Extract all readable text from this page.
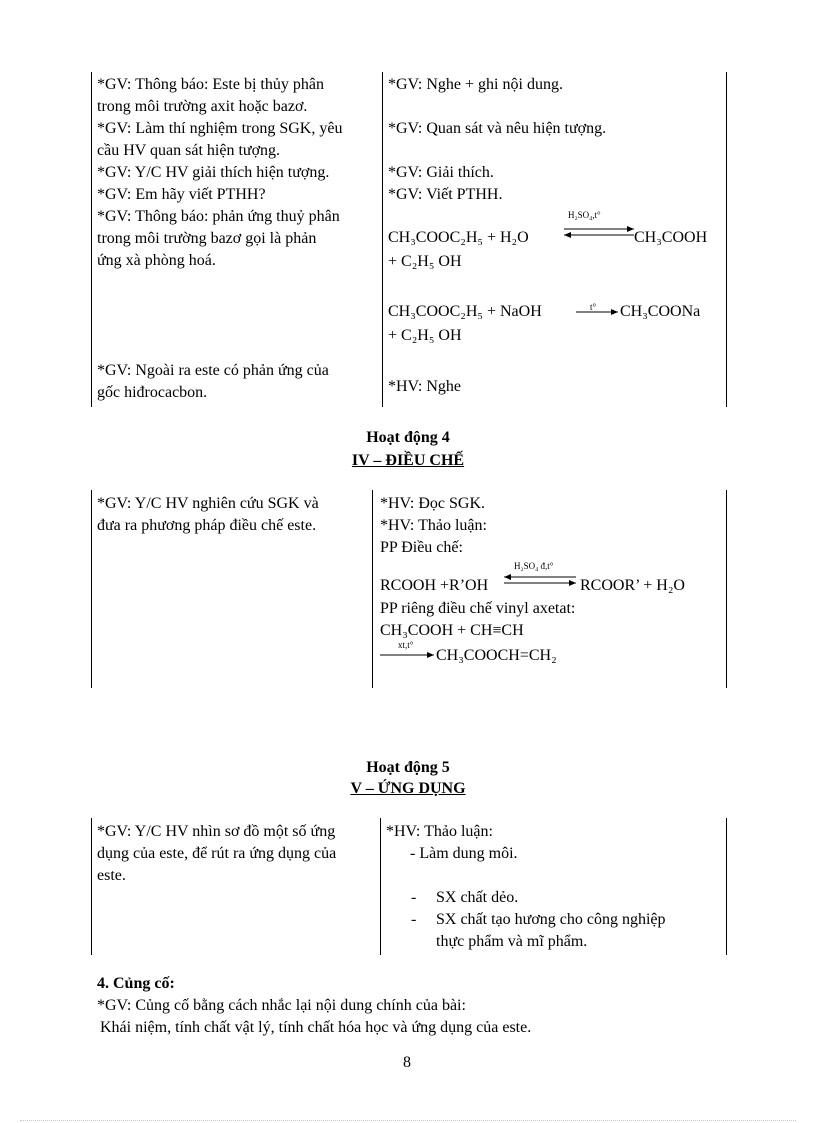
*GV: Thông báo: Este bị thủy phân
trong môi trường axit hoặc bazơ.
*GV: Làm thí nghiệm trong SGK, yêu
cầu HV quan sát hiện tượng.
*GV: Y/C HV giải thích hiện tượng.
*GV: Em hãy viết PTHH?
*GV: Thông báo: phản ứng thuỷ phân
trong môi trường bazơ gọi là phản
ứng xà phòng hoá.
*GV: Ngoài ra este có phản ứng của
gốc hiđrocacbon.
*GV: Nghe + ghi nội dung.
*GV: Quan sát và nêu hiện tượng.
*GV: Giải thích.
*GV: Viết PTHH.
CH₃COOC₂H₅ + H₂O
H₂SO₄,t°
CH₃COOH
+ C₂H₅ OH
CH₃COOC₂H₅ + NaOH	t° CH₃COONa
+ C₂H₅ OH
*HV: Nghe
Hoạt động 4
IV – ĐIỀU CHẾ
*GV: Y/C HV nghiên cứu SGK và
đưa ra phương pháp điều chế este.
*HV: Đọc SGK.
*HV: Thảo luận:
PP Điều chế:
RCOOH +R’OH
H₂SO₄ đ,t°
RCOOR’ + H₂O
PP riêng điều chế vinyl axetat:
CH₃COOH + CH≡CH
xt,t°
CH₃COOCH=CH₂
Hoạt động 5
V – ỨNG DỤNG
*GV: Y/C HV nhìn sơ đồ một số ứng
dụng của este, để rút ra ứng dụng của
este.
*HV: Thảo luận:
- Làm dung môi.
- SX chất dẻo.
- SX chất tạo hương cho công nghiệp
thực phẩm và mĩ phẩm.
4. Củng cố:
*GV: Củng cố bằng cách nhắc lại nội dung chính của bài:
Khái niệm, tính chất vật lý, tính chất hóa học và ứng dụng của este.
8
